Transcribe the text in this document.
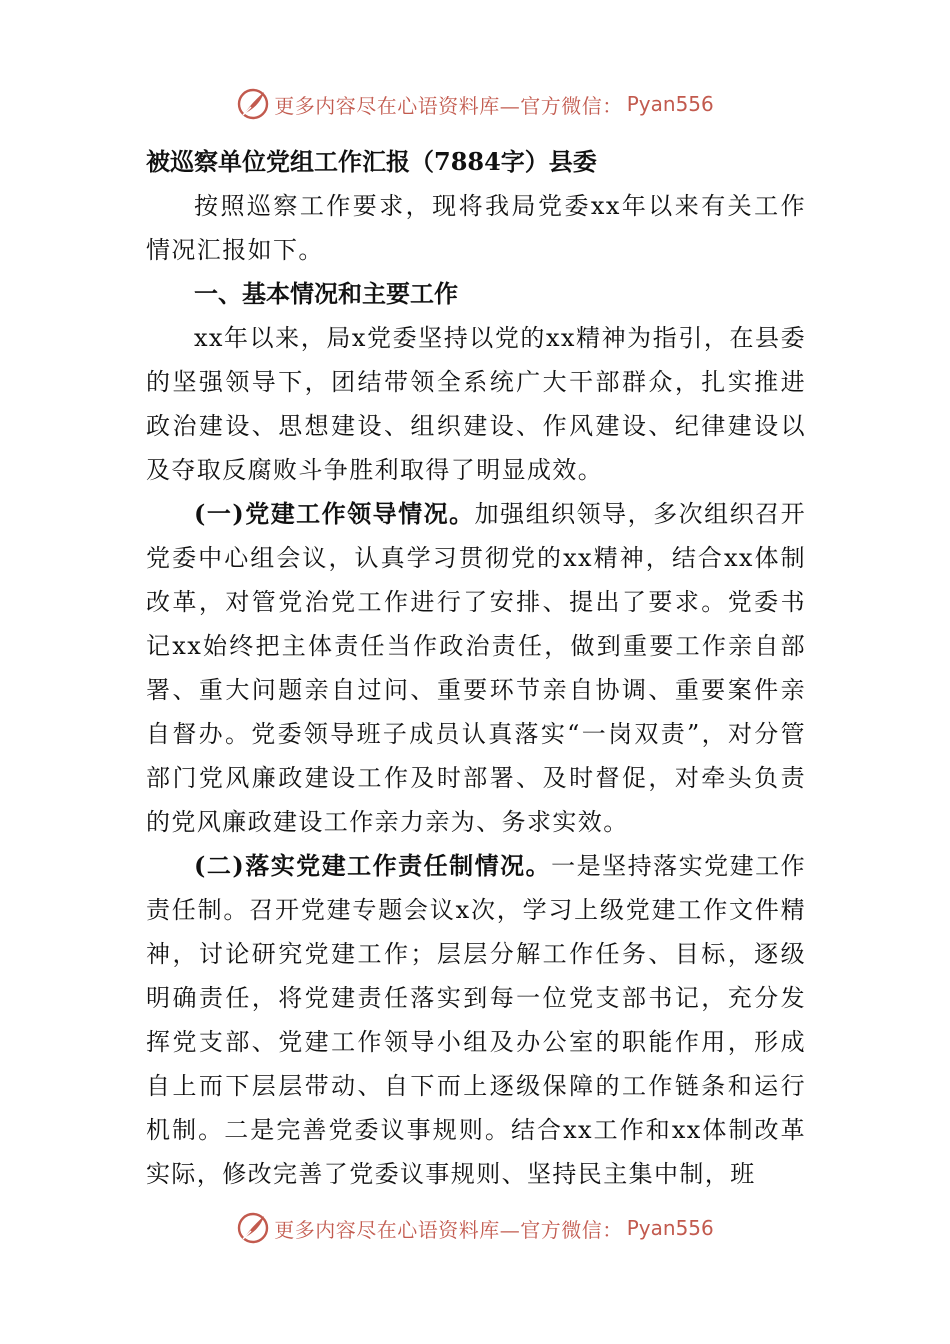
更多内容尽在心语资料库—官方微信： Pyan556

被巡察单位党组工作汇报（7884字）县委

按照巡察工作要求，现将我局党委xx年以来有关工作情况汇报如下。

一、基本情况和主要工作

xx年以来，局x党委坚持以党的xx精神为指引，在县委的坚强领导下，团结带领全系统广大干部群众，扎实推进政治建设、思想建设、组织建设、作风建设、纪律建设以及夺取反腐败斗争胜利取得了明显成效。

(一)党建工作领导情况。加强组织领导，多次组织召开党委中心组会议，认真学习贯彻党的xx精神，结合xx体制改革，对管党治党工作进行了安排、提出了要求。党委书记xx始终把主体责任当作政治责任，做到重要工作亲自部署、重大问题亲自过问、重要环节亲自协调、重要案件亲自督办。党委领导班子成员认真落实“一岗双责”，对分管部门党风廉政建设工作及时部署、及时督促，对牵头负责的党风廉政建设工作亲力亲为、务求实效。

(二)落实党建工作责任制情况。一是坚持落实党建工作责任制。召开党建专题会议x次，学习上级党建工作文件精神，讨论研究党建工作；层层分解工作任务、目标，逐级明确责任，将党建责任落实到每一位党支部书记，充分发挥党支部、党建工作领导小组及办公室的职能作用，形成自上而下层层带动、自下而上逐级保障的工作链条和运行机制。二是完善党委议事规则。结合xx工作和xx体制改革实际，修改完善了党委议事规则、坚持民主集中制，班

更多内容尽在心语资料库—官方微信： Pyan556
